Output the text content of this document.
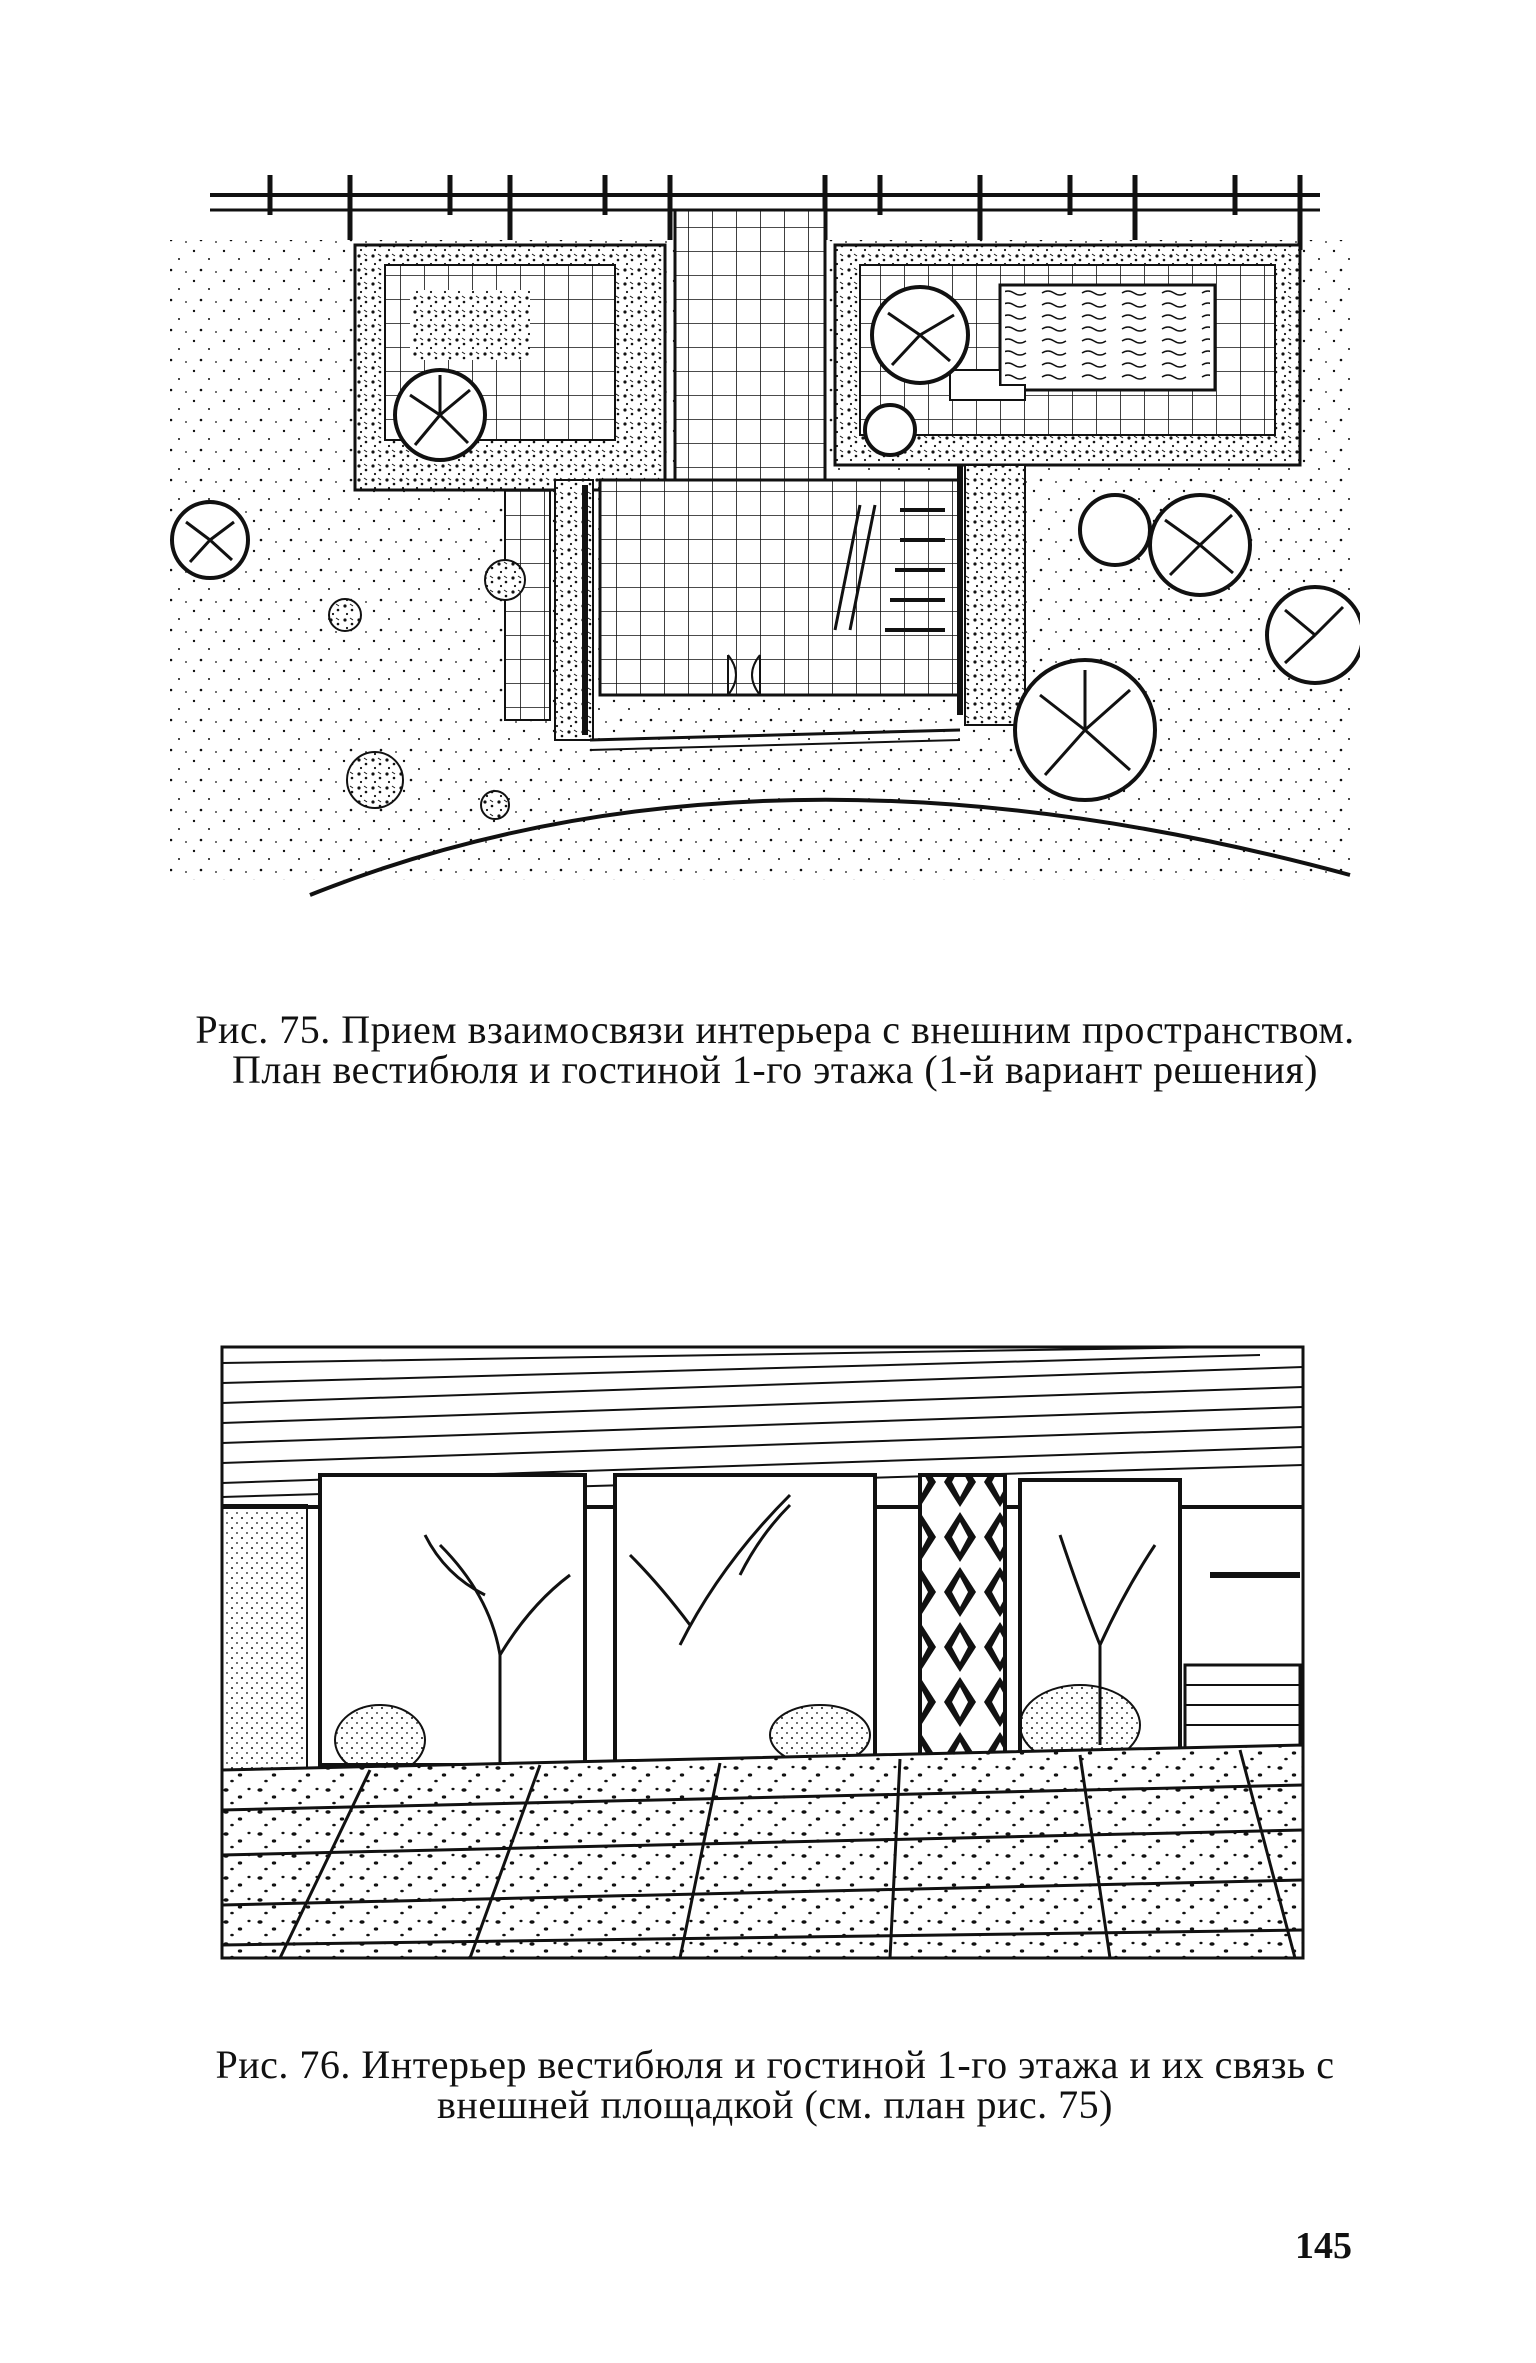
Рис. 75. Прием взаимосвязи интерьера с внешним пространством.
План вестибюля и гостиной 1-го этажа (1-й вариант решения)
Рис. 76. Интерьер вестибюля и гостиной 1-го этажа и их связь с
внешней площадкой (см. план рис. 75)
145
